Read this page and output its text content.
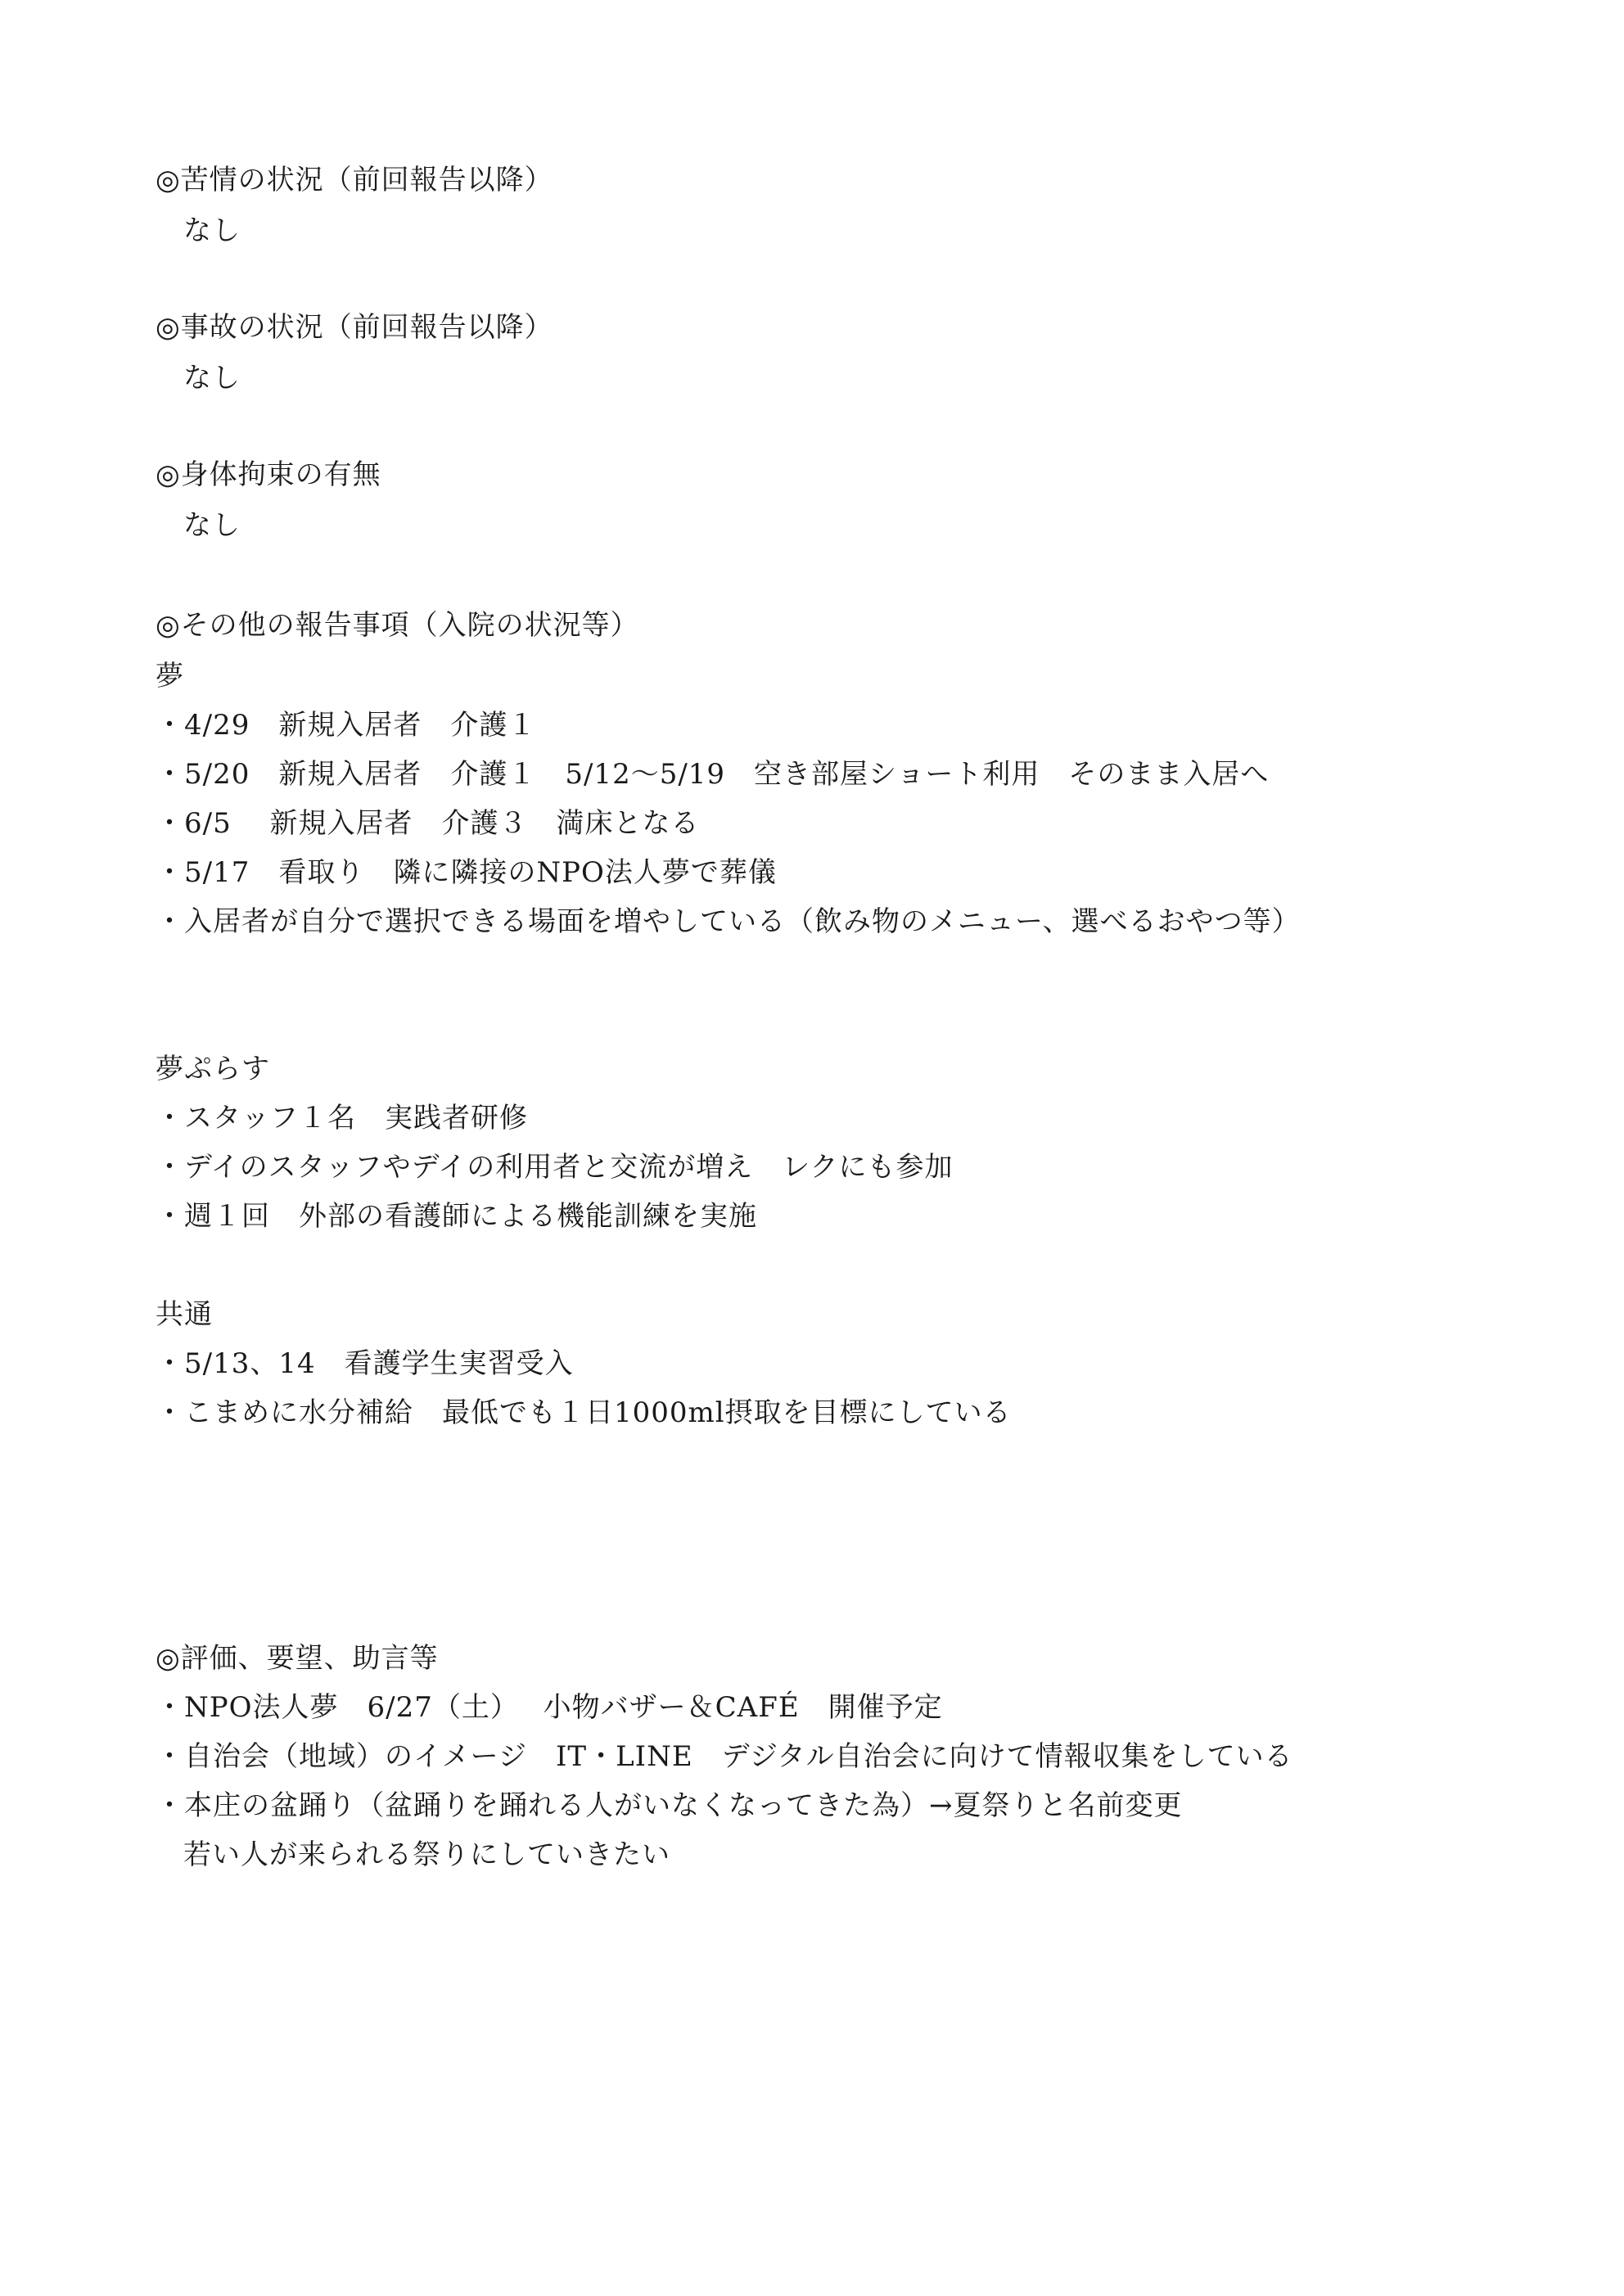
◎苦情の状況（前回報告以降）
なし
◎事故の状況（前回報告以降）
なし
◎身体拘束の有無
なし
◎その他の報告事項（入院の状況等）
夢
・4/29　新規入居者　介護１
・5/20　新規入居者　介護１　5/12～5/19　空き部屋ショート利用　そのまま入居へ
・6/5　 新規入居者　介護３　満床となる
・5/17　看取り　隣に隣接のNPO法人夢で葬儀
・入居者が自分で選択できる場面を増やしている（飲み物のメニュー、選べるおやつ等）
夢ぷらす
・スタッフ１名　実践者研修
・デイのスタッフやデイの利用者と交流が増え　レクにも参加
・週１回　外部の看護師による機能訓練を実施
共通
・5/13、14　看護学生実習受入
・こまめに水分補給　最低でも１日1000ml摂取を目標にしている
◎評価、要望、助言等
・NPO法人夢　6/27（土）　 小物バザー＆CAFÉ　開催予定
・自治会（地域）のイメージ　IT・LINE　デジタル自治会に向けて情報収集をしている
・本庄の盆踊り（盆踊りを踊れる人がいなくなってきた為）→夏祭りと名前変更
若い人が来られる祭りにしていきたい
